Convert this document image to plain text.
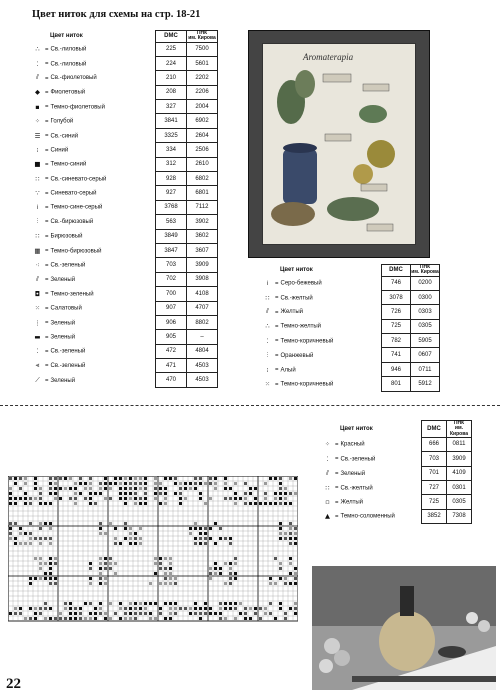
Цвет ниток для схемы на стр. 18-21
Цвет ниток	DMC	ПНК
им. Кирова
∴ = Св.-лиловый	225	7500
⁚ = Св.-лиловый	224	5601
⫽ = Св.-фиолетовый	210	2202
◆ = Фиолетовый	208	2206
▪ = Темно-фиолетовый	327	2004
⁘ = Голубой	3841	6902
☰ = Св.-синий	3325	2604
⁝ = Синий	334	2506
■ = Темно-синий	312	2610
∷ = Св.-синевато-серый	928	6802
∵ = Синевато-серый	927	6801
⁞ = Темно-сине-серый	3768	7112
⫶ = Св.-бирюзовый	563	3902
∷ = Бирюзовый	3849	3602
▦ = Темно-бирюзовый	3847	3607
⁖ = Св.-зеленый	703	3909
⫽ = Зеленый	702	3908
◘ = Темно-зеленый	700	4108
⁙ = Салатовый	907	4707
⋮ = Зеленый	906	8802
▬ = Зеленый	905	–
⁚ = Св.-зеленый	472	4804
⫷ = Св.-зеленый	471	4503
⟋ = Зеленый	470	4503
Aromaterapia
Цвет ниток	DMC	ПНК
им. Кирова
⁞ = Серо-бежевый	746	0200
∷ = Св.-желтый	3078	0300
⫽ = Желтый	726	0303
∴ = Темно-желтый	725	0305
⁚ = Темно-коричневый	782	5905
⫶ = Оранжевый	741	0607
⁝ = Алый	946	0711
⁙ = Темно-коричневый	801	5912
Цвет ниток	DMC	ПНК
им. Кирова
⁘ = Красный	666	0811
⁚ = Св.-зеленый	703	3909
⫽ = Зеленый	701	4109
∷ = Св.-желтый	727	0301
▫ = Желтый	725	0305
▲ = Темно-соломенный	3852	7308
22
